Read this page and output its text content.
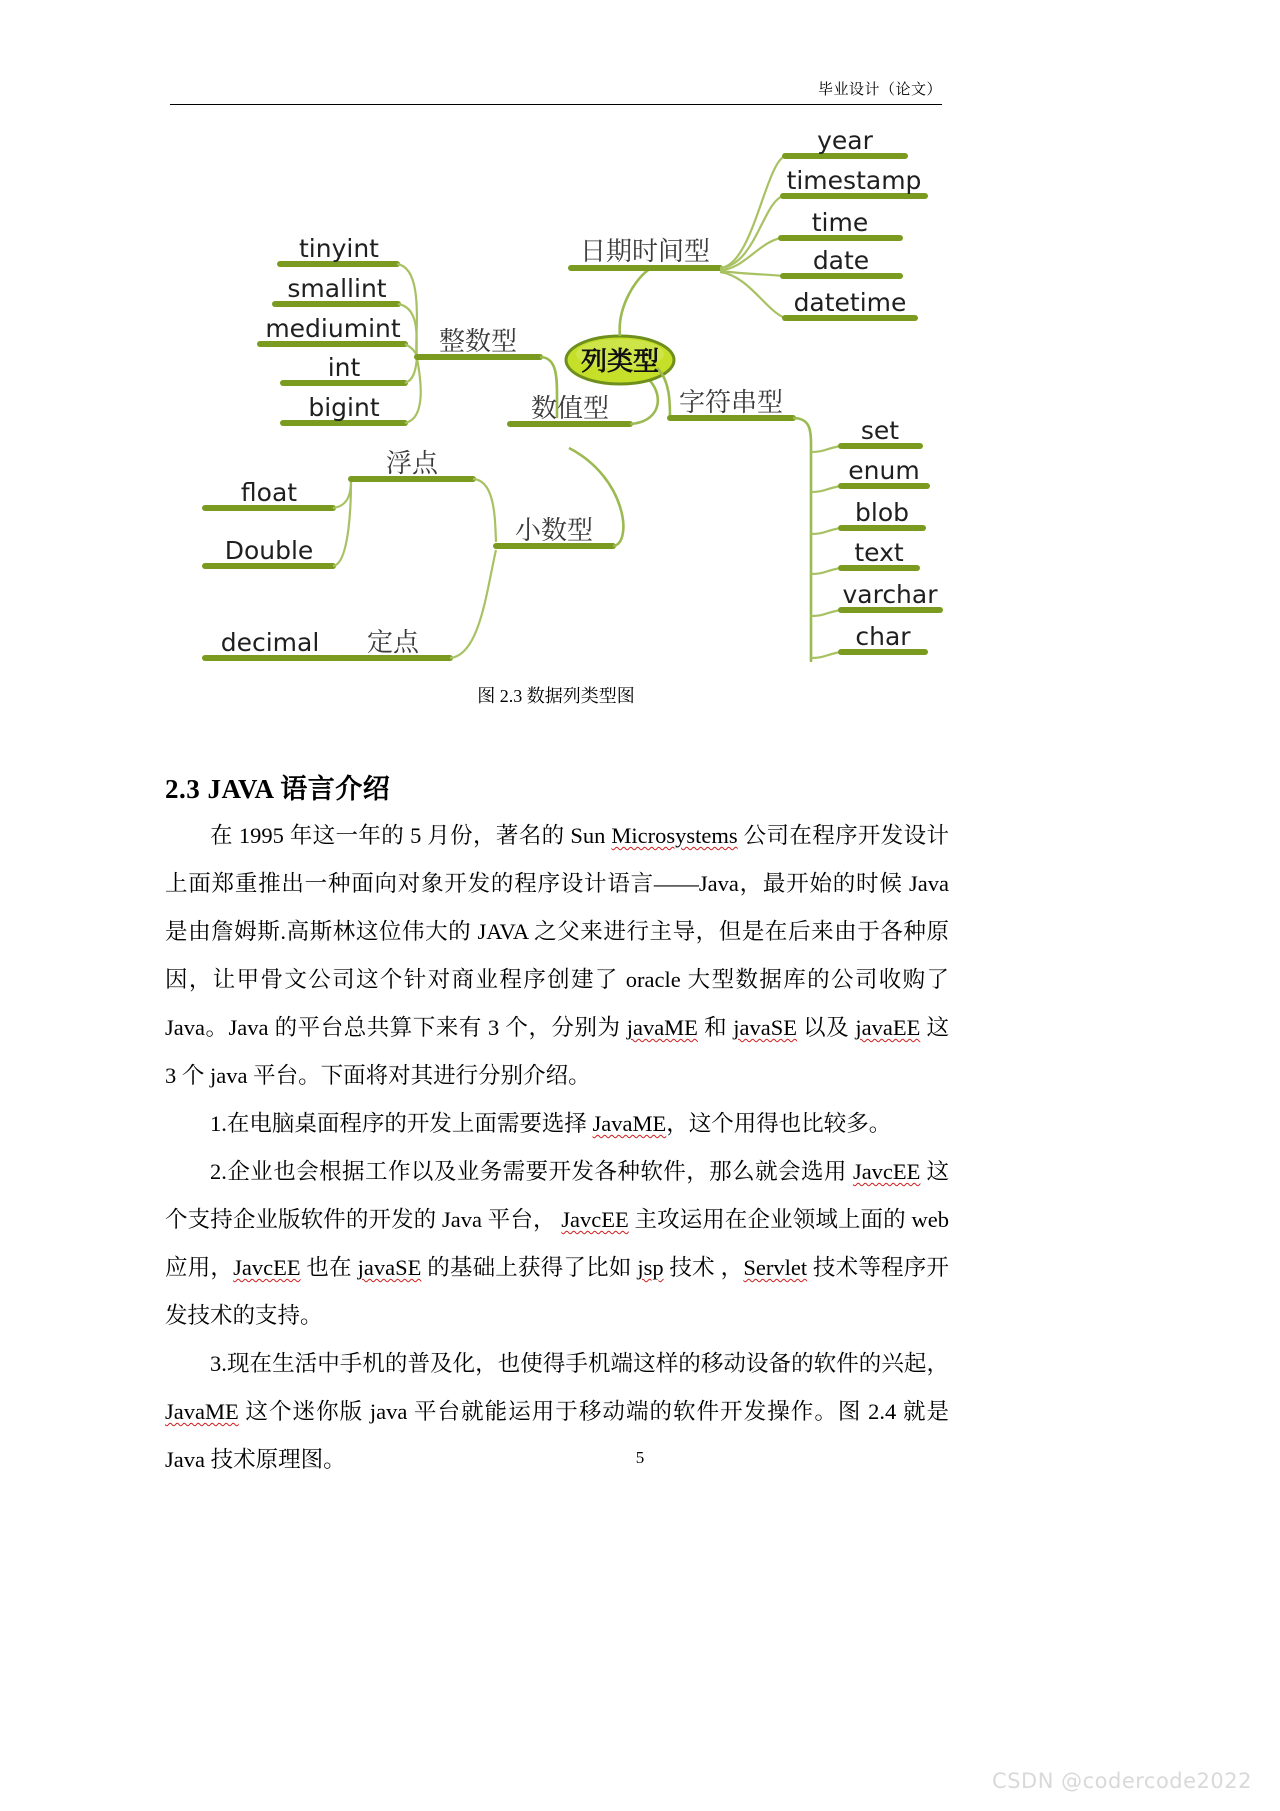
毕业设计（论文）
tinyint
smallint
mediumint
int
bigint
整数型
float
Double
浮点
decimal 定点
小数型
数值型
列类型
日期时间型
year
timestamp
time
date
datetime
字符串型
set
enum
blob
text
varchar
char
图 2.3 数据列类型图
2.3 JAVA 语言介绍

在 1995 年这一年的 5 月份，著名的 Sun Microsystems 公司在程序开发设计上面郑重推出一种面向对象开发的程序设计语言——Java，最开始的时候 Java 是由詹姆斯.高斯林这位伟大的 JAVA 之父来进行主导，但是在后来由于各种原因，让甲骨文公司这个针对商业程序创建了 oracle 大型数据库的公司收购了 Java。Java 的平台总共算下来有 3 个，分别为 javaME 和 javaSE 以及 javaEE 这 3 个 java 平台。下面将对其进行分别介绍。

1.在电脑桌面程序的开发上面需要选择 JavaME，这个用得也比较多。

2.企业也会根据工作以及业务需要开发各种软件，那么就会选用 JavcEE 这个支持企业版软件的开发的 Java 平台， JavcEE 主攻运用在企业领域上面的 web 应用，JavcEE 也在 javaSE 的基础上获得了比如 jsp 技术 ，Servlet 技术等程序开发技术的支持。

3.现在生活中手机的普及化，也使得手机端这样的移动设备的软件的兴起，JavaME 这个迷你版 java 平台就能运用于移动端的软件开发操作。图 2.4 就是 Java 技术原理图。	5
CSDN @codercode2022
